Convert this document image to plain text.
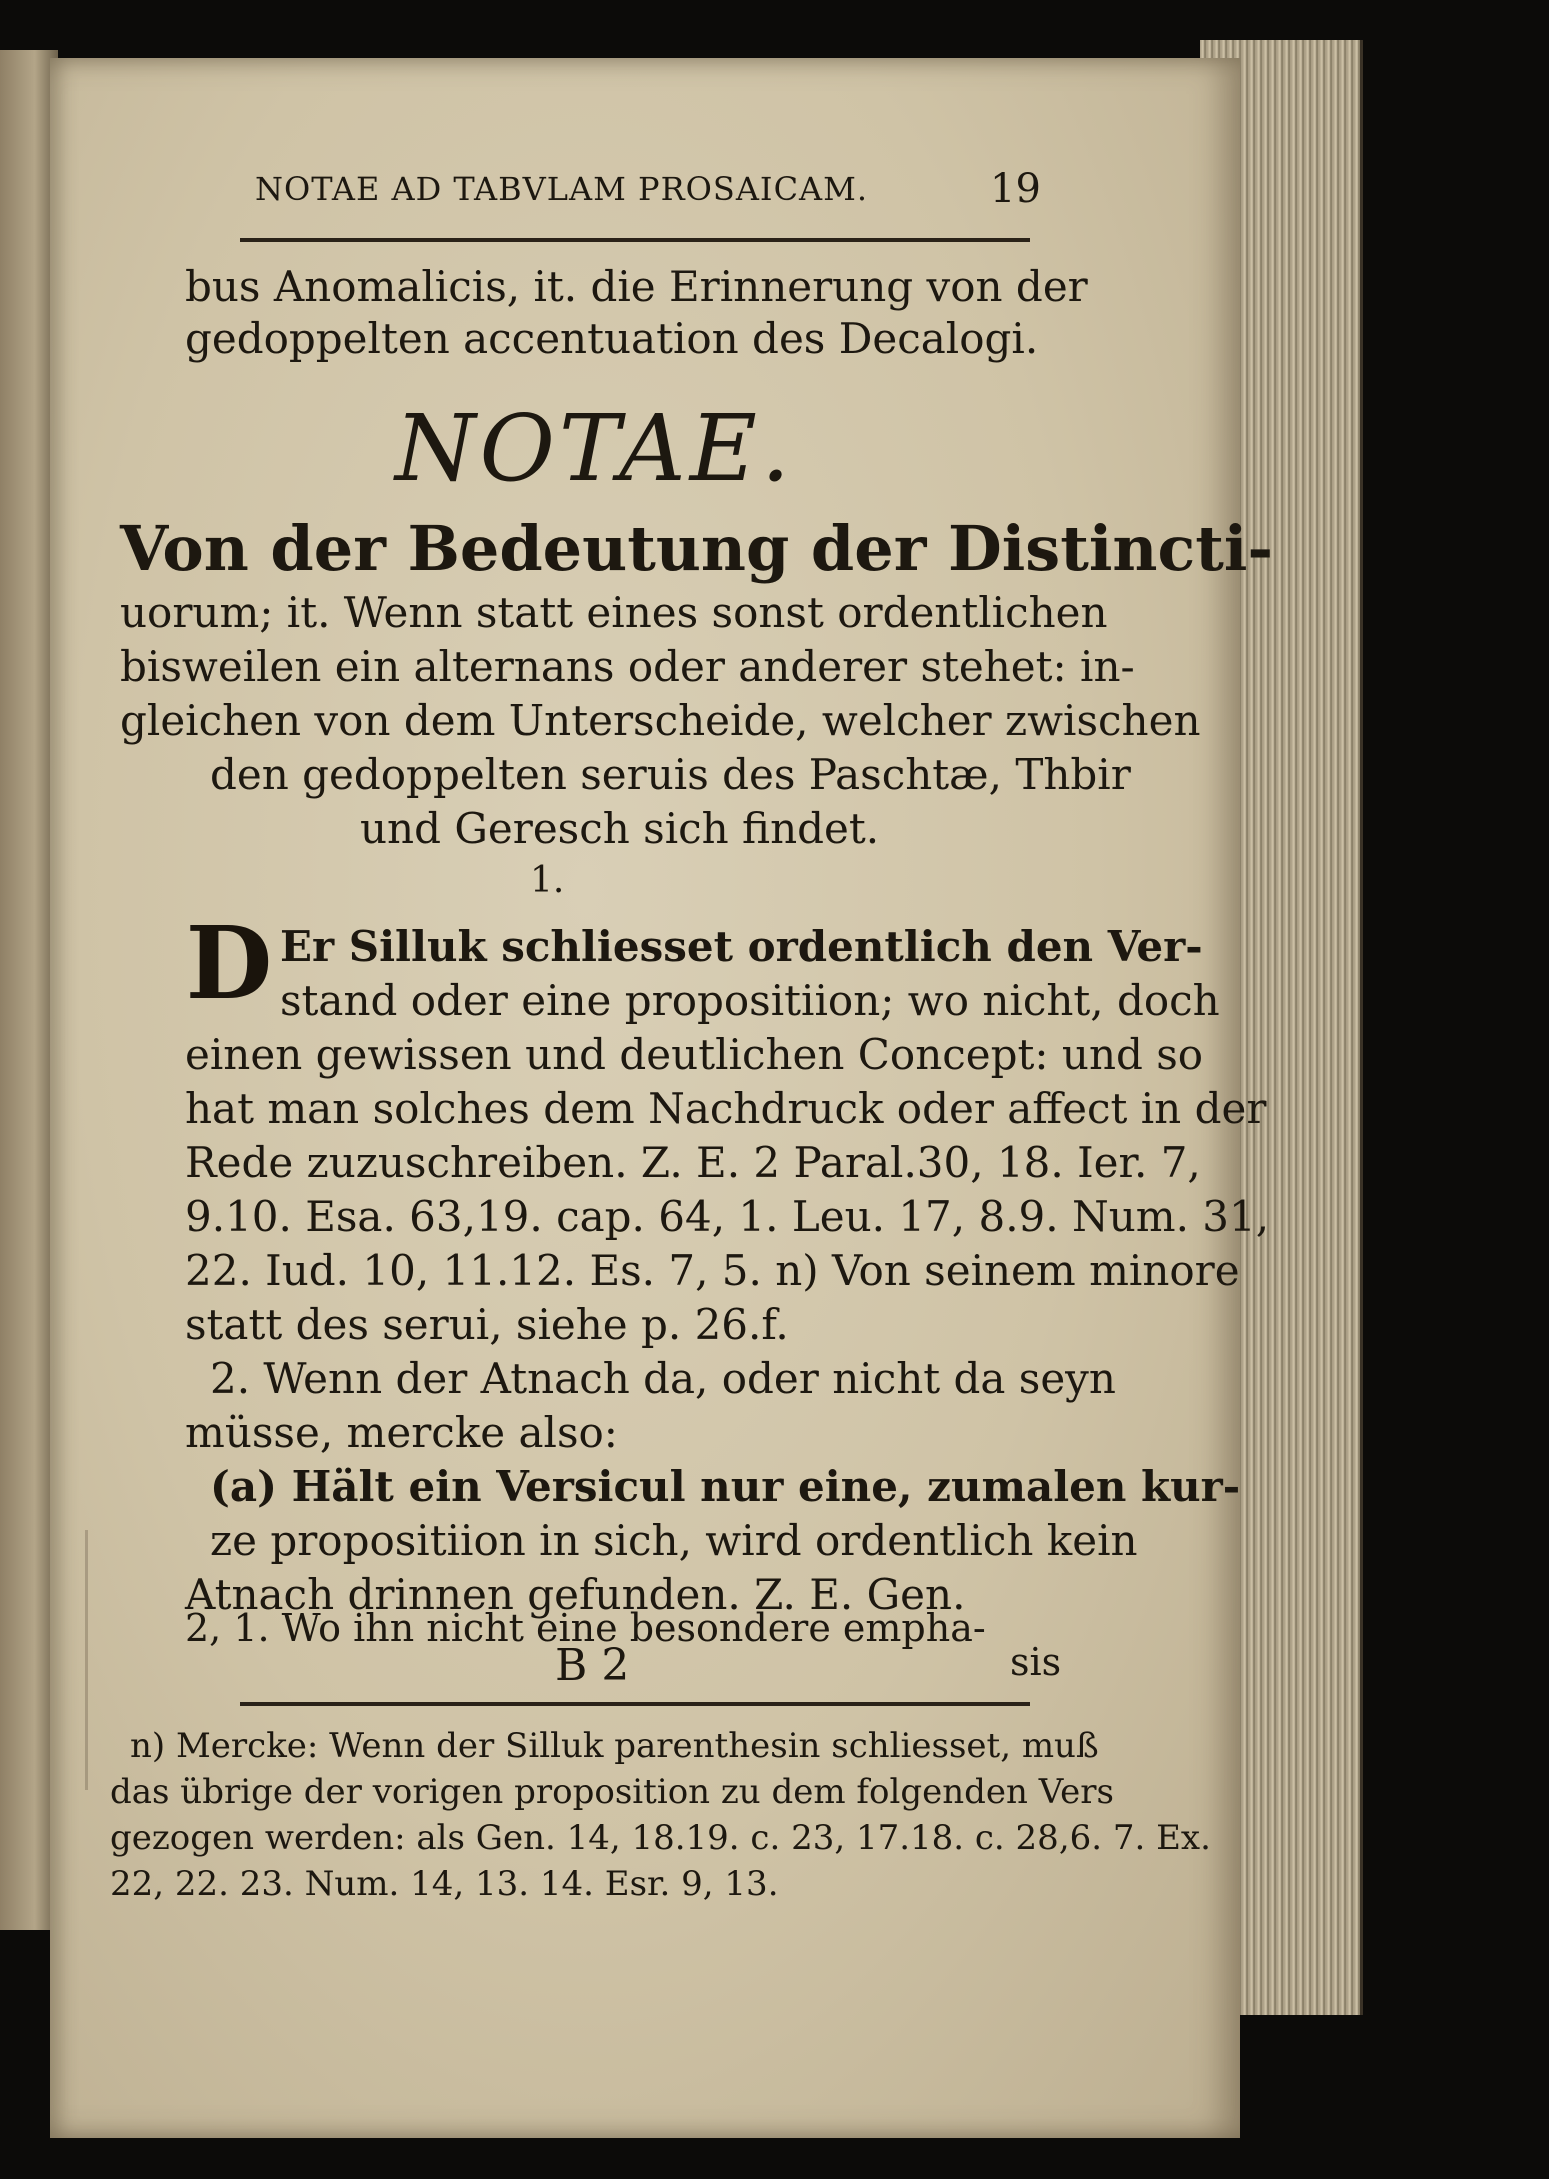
NOTAE AD TABVLAM PROSAICAM.	19
bus Anomalicis, it. die Erinnerung von der
gedoppelten accentuation des Decalogi.
NOTAE.
Von der Bedeutung der Distincti-
uorum; it. Wenn statt eines sonst ordentlichen
bisweilen ein alternans oder anderer stehet: in-
gleichen von dem Unterscheide, welcher zwischen
den gedoppelten seruis des Paschtæ, Thbir
und Geresch sich findet.
1.
D Er Silluk schliesset ordentlich den Ver-
stand oder eine propositiion; wo nicht, doch
einen gewissen und deutlichen Concept: und so
hat man solches dem Nachdruck oder affect in der
Rede zuzuschreiben. Z. E. 2 Paral.30, 18. Ier. 7,
9.10. Esa. 63,19. cap. 64, 1. Leu. 17, 8.9. Num. 31,
22. Iud. 10, 11.12. Es. 7, 5. n) Von seinem minore
statt des serui, siehe p. 26.f.
2. Wenn der Atnach da, oder nicht da seyn
müsse, mercke also:
(a) Hält ein Versicul nur eine, zumalen kur-
ze propositiion in sich, wird ordentlich kein
Atnach drinnen gefunden. Z. E. Gen.
2, 1. Wo ihn nicht eine besondere empha-
B 2	sis
n) Mercke: Wenn der Silluk parenthesin schliesset, muß
das übrige der vorigen proposition zu dem folgenden Vers
gezogen werden: als Gen. 14, 18.19. c. 23, 17.18. c. 28,6. 7. Ex.
22, 22. 23. Num. 14, 13. 14. Esr. 9, 13.
